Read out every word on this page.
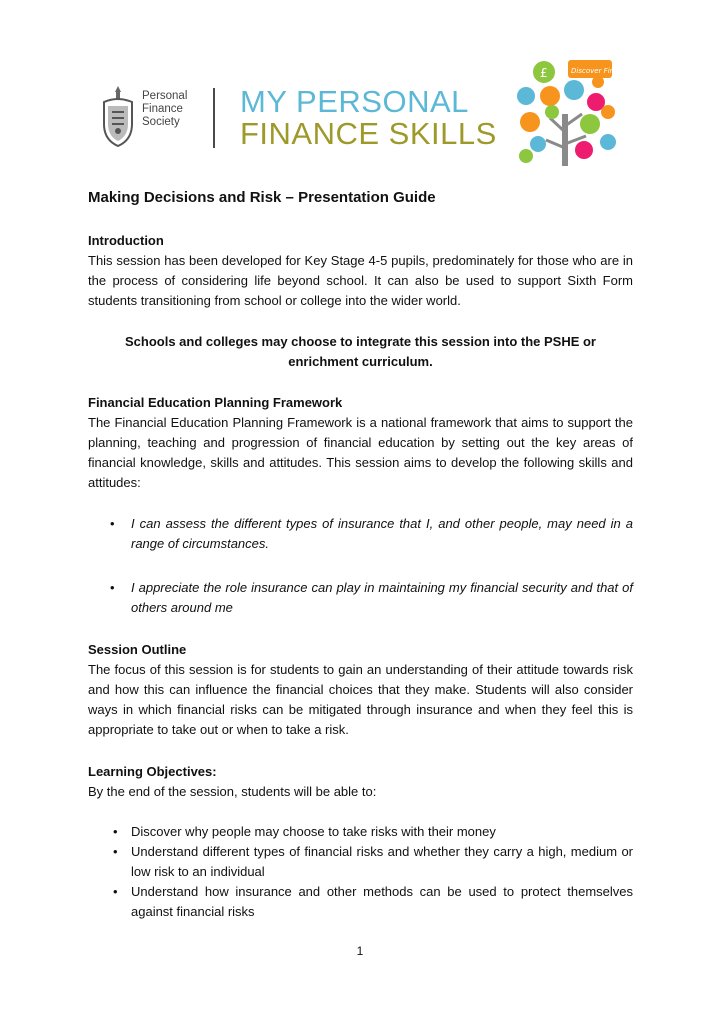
Personal
Finance
Society
MY PERSONAL
FINANCE SKILLS
£	Discover Finance
Making Decisions and Risk – Presentation Guide
Introduction
This session has been developed for Key Stage 4-5 pupils, predominately for those who are in the process of considering life beyond school. It can also be used to support Sixth Form students transitioning from school or college into the wider world.
Schools and colleges may choose to integrate this session into the PSHE or enrichment curriculum.
Financial Education Planning Framework
The Financial Education Planning Framework is a national framework that aims to support the planning, teaching and progression of financial education by setting out the key areas of financial knowledge, skills and attitudes. This session aims to develop the following skills and attitudes:
• I can assess the different types of insurance that I, and other people, may need in a range of circumstances.
• I appreciate the role insurance can play in maintaining my financial security and that of others around me
Session Outline
The focus of this session is for students to gain an understanding of their attitude towards risk and how this can influence the financial choices that they make. Students will also consider ways in which financial risks can be mitigated through insurance and when they feel this is appropriate to take out or when to take a risk.
Learning Objectives:
By the end of the session, students will be able to:
• Discover why people may choose to take risks with their money
• Understand different types of financial risks and whether they carry a high, medium or low risk to an individual
• Understand how insurance and other methods can be used to protect themselves against financial risks
1
